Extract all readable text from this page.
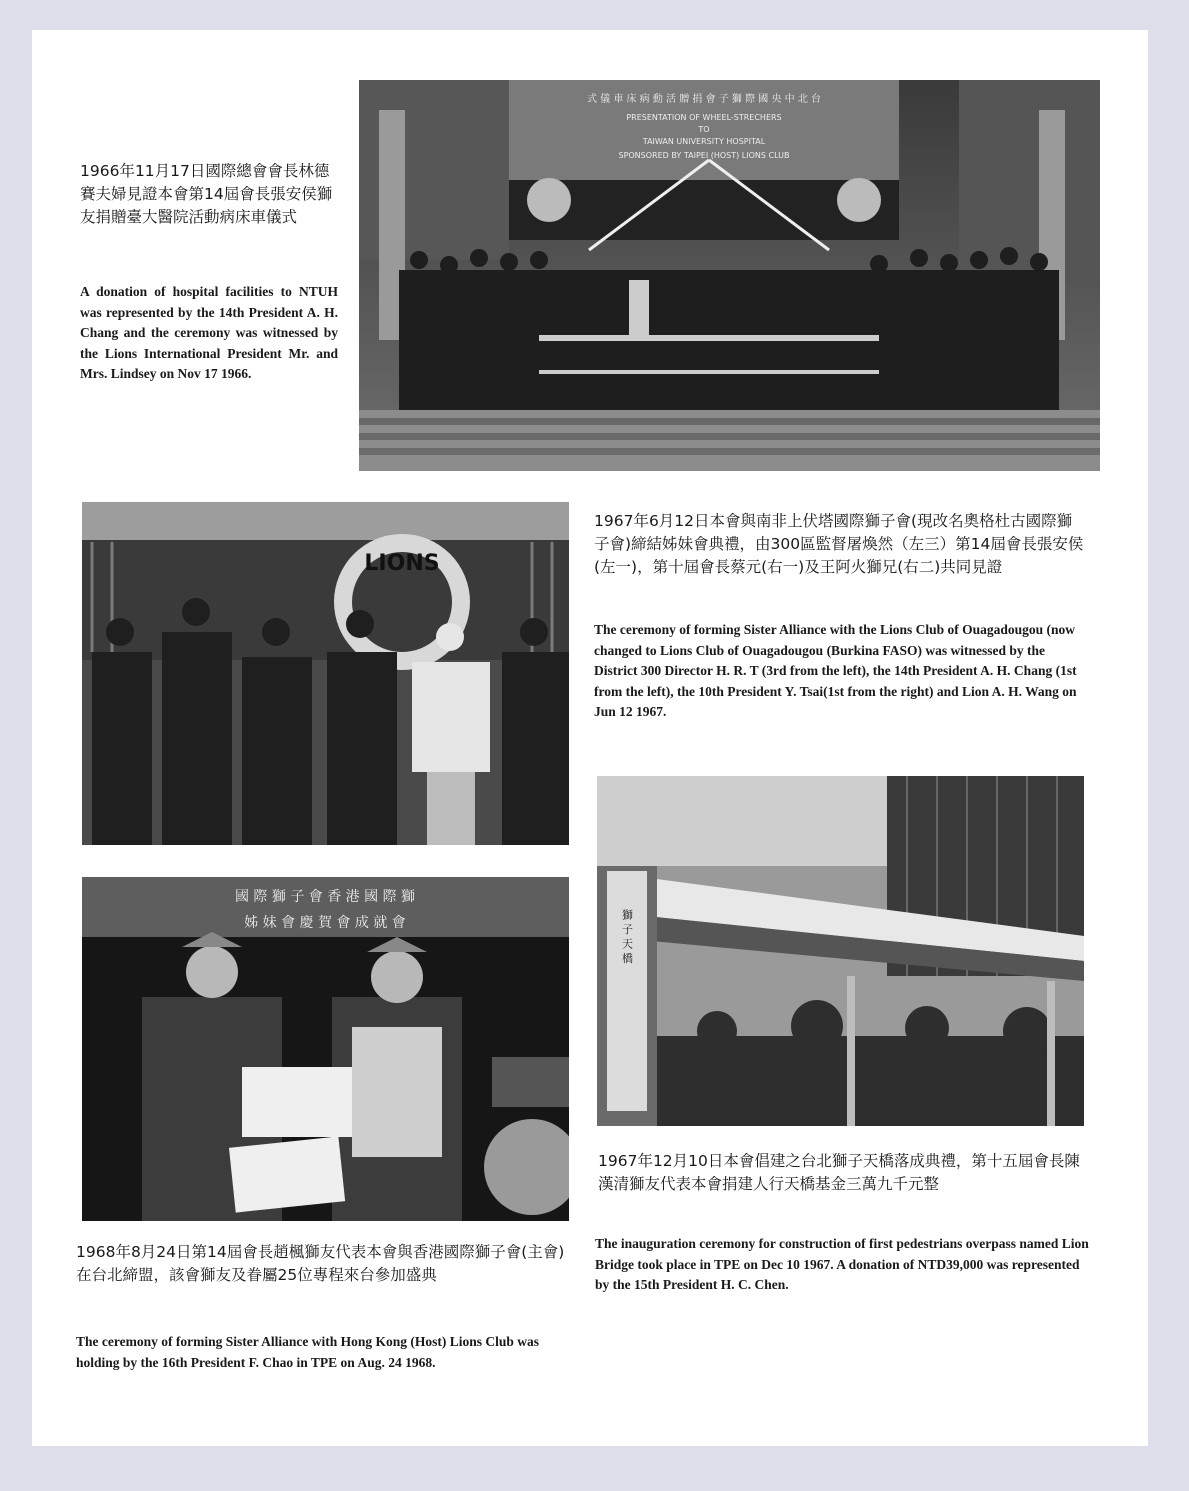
式 儀 車 床 病 動 活 贈 捐 會 子 獅 際 國 央 中 北 台
PRESENTATION OF WHEEL-STRECHERS
TO
TAIWAN UNIVERSITY HOSPITAL
SPONSORED BY TAIPEI (HOST) LIONS CLUB

1966年11月17日國際總會會長林德賽夫婦見證本會第14屆會長張安侯獅友捐贈臺大醫院活動病床車儀式

A donation of hospital facilities to NTUH was represented by the 14th President A. H. Chang and the ceremony was witnessed by the Lions International President Mr. and Mrs. Lindsey on Nov 17 1966.

LIONS

1967年6月12日本會與南非上伏塔國際獅子會(現改名奧格杜古國際獅子會)締結姊妹會典禮，由300區監督屠煥然（左三）第14屆會長張安侯(左一)，第十屆會長蔡元(右一)及王阿火獅兄(右二)共同見證

The ceremony of forming Sister Alliance with the Lions Club of Ouagadougou (now changed to Lions Club of Ouagadougou (Burkina FASO) was witnessed by the District 300 Director H. R. T (3rd from the left), the 14th President A. H. Chang (1st from the left), the 10th President Y. Tsai(1st from the right) and Lion A. H. Wang on Jun 12 1967.

國 際 獅 子 會 香 港 國 際 獅
姊 妹 會 慶 賀 會 成 就 會

1968年8月24日第14屆會長趙楓獅友代表本會與香港國際獅子會(主會)在台北締盟，該會獅友及眷屬25位專程來台參加盛典

The ceremony of forming Sister Alliance with Hong Kong (Host) Lions Club was holding by the 16th President F. Chao in TPE on Aug. 24 1968.

獅 子 天 橋

1967年12月10日本會倡建之台北獅子天橋落成典禮，第十五屆會長陳漢清獅友代表本會捐建人行天橋基金三萬九千元整

The inauguration ceremony for construction of first pedestrians overpass named Lion Bridge took place in TPE on Dec 10 1967. A donation of NTD39,000 was represented by the 15th President H. C. Chen.
